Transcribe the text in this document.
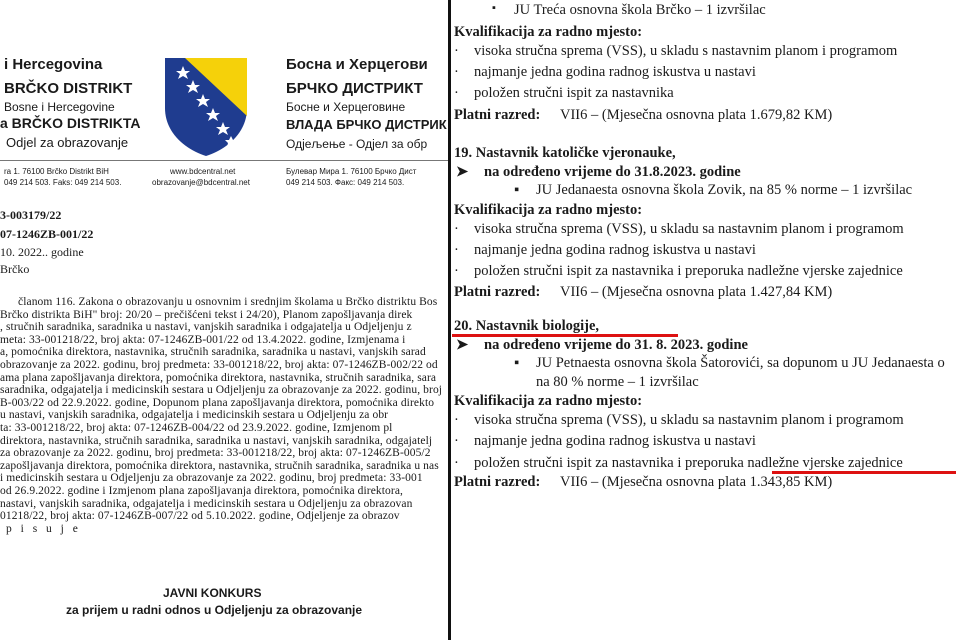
i Hercegovina
BRČKO DISTRIKT
Bosne i Hercegovine
a BRČKO DISTRIKTA
Odjel za obrazovanje
Босна и Херцегови
БРЧКО ДИСТРИКТ
Босне и Херцеговине
ВЛАДА БРЧКО ДИСТРИК
Одјељење - Одјел за обр
ra 1. 76100 Brčko Distrikt BiH
049 214 503. Faks: 049 214 503.
www.bdcentral.net
obrazovanje@bdcentral.net
Булевар Мира 1. 76100 Брчко Дист
049 214 503. Факс: 049 214 503.
3-003179/22
07-1246ZB-001/22
10. 2022.. godine
Brčko
članom 116. Zakona o obrazovanju u osnovnim i srednjim školama u Brčko distriktu Bos
Brčko distrikta BiH" broj: 20/20 – prečišćeni tekst i 24/20), Planom zapošljavanja direk
, stručnih saradnika, saradnika u nastavi, vanjskih saradnika i odgajatelja u Odjeljenju z
meta: 33-001218/22, broj akta: 07-1246ZB-001/22 od 13.4.2022. godine, Izmjenama i
a, pomoćnika direktora, nastavnika, stručnih saradnika, saradnika u nastavi, vanjskih sarad
obrazovanje za 2022. godinu, broj predmeta: 33-001218/22, broj akta: 07-1246ZB-002/22 od
ama plana zapošljavanja direktora, pomoćnika direktora, nastavnika, stručnih saradnika, sara
saradnika, odgajatelja i medicinskih sestara u Odjeljenju za obrazovanje za 2022. godinu, broj
B-003/22 od 22.9.2022. godine, Dopunom plana zapošljavanja direktora, pomoćnika direkto
u nastavi, vanjskih saradnika, odgajatelja i medicinskih sestara u Odjeljenju za obr
ta: 33-001218/22, broj akta: 07-1246ZB-004/22 od 23.9.2022. godine, Izmjenom pl
direktora, nastavnika, stručnih saradnika, saradnika u nastavi, vanjskih saradnika, odgajatelj
za obrazovanje za 2022. godinu, broj predmeta: 33-001218/22, broj akta: 07-1246ZB-005/2
zapošljavanja direktora, pomoćnika direktora, nastavnika, stručnih saradnika, saradnika u nas
i medicinskih sestara u Odjeljenju za obrazovanje za 2022. godinu, broj predmeta: 33-001
od 26.9.2022. godine i Izmjenom plana zapošljavanja direktora, pomoćnika direktora,
nastavi, vanjskih saradnika, odgajatelja i medicinskih sestara u Odjeljenju za obrazovan
01218/22, broj akta: 07-1246ZB-007/22 od 5.10.2022. godine, Odjeljenje za obrazov
p i s u j e
JAVNI KONKURS
za prijem u radni odnos u Odjeljenju za obrazovanje
▪ JU Treća osnovna škola Brčko – 1 izvršilac
Kvalifikacija za radno mjesto:
· visoka stručna sprema (VSS), u skladu s nastavnim planom i programom
· najmanje jedna godina radnog iskustva u nastavi
· položen stručni ispit za nastavnika
Platni razred: VII6 – (Mjesečna osnovna plata 1.679,82 KM)
19. Nastavnik katoličke vjeronauke,
➤ na određeno vrijeme do 31.8.2023. godine
▪ JU Jedanaesta osnovna škola Zovik, na 85 % norme – 1 izvršilac
Kvalifikacija za radno mjesto:
· visoka stručna sprema (VSS), u skladu sa nastavnim planom i programom
· najmanje jedna godina radnog iskustva u nastavi
· položen stručni ispit za nastavnika i preporuka nadležne vjerske zajednice
Platni razred: VII6 – (Mjesečna osnovna plata 1.427,84 KM)
20. Nastavnik biologije,
➤ na određeno vrijeme do 31. 8. 2023. godine
▪ JU Petnaesta osnovna škola Šatorovići, sa dopunom u JU Jedanaesta o
na 80 % norme – 1 izvršilac
Kvalifikacija za radno mjesto:
· visoka stručna sprema (VSS), u skladu sa nastavnim planom i programom
· najmanje jedna godina radnog iskustva u nastavi
· položen stručni ispit za nastavnika i preporuka nadležne vjerske zajednice
Platni razred: VII6 – (Mjesečna osnovna plata 1.343,85 KM)
